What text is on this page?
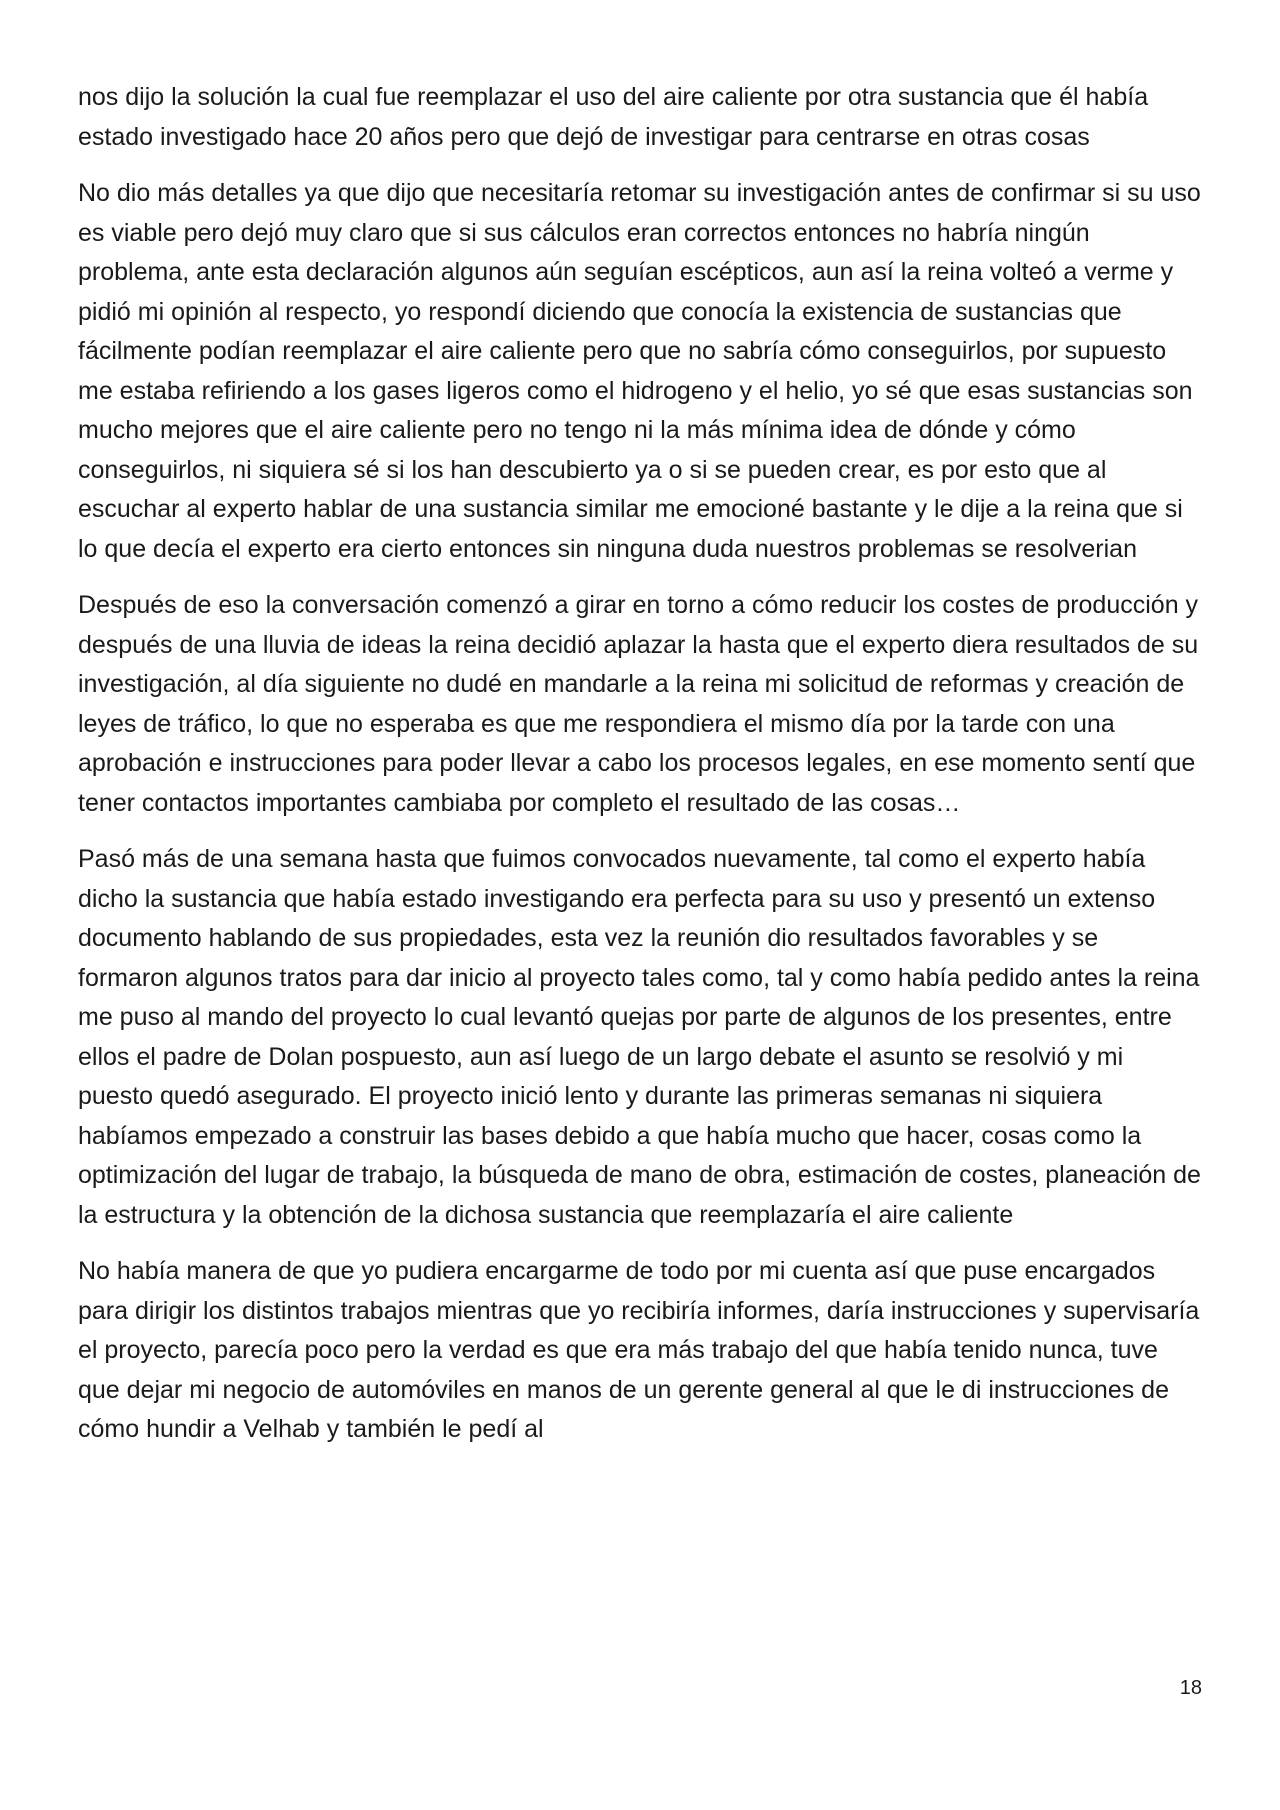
nos dijo la solución la cual fue reemplazar el uso del aire caliente por otra sustancia que él había estado investigado hace 20 años pero que dejó de investigar para centrarse en otras cosas

No dio más detalles ya que dijo que necesitaría retomar su investigación antes de confirmar si su uso es viable pero dejó muy claro que si sus cálculos eran correctos entonces no habría ningún problema, ante esta declaración algunos aún seguían escépticos, aun así la reina volteó a verme y pidió mi opinión al respecto, yo respondí diciendo que conocía la existencia de sustancias que fácilmente podían reemplazar el aire caliente pero que no sabría cómo conseguirlos, por supuesto me estaba refiriendo a los gases ligeros como el hidrogeno y el helio, yo sé que esas sustancias son mucho mejores que el aire caliente pero no tengo ni la más mínima idea de dónde y cómo conseguirlos, ni siquiera sé si los han descubierto ya o si se pueden crear, es por esto que al escuchar al experto hablar de una sustancia similar me emocioné bastante y le dije a la reina que si lo que decía el experto era cierto entonces sin ninguna duda nuestros problemas se resolverian

Después de eso la conversación comenzó a girar en torno a cómo reducir los costes de producción y después de una lluvia de ideas la reina decidió aplazar la hasta que el experto diera resultados de su investigación, al día siguiente no dudé en mandarle a la reina mi solicitud de reformas y creación de leyes de tráfico, lo que no esperaba es que me respondiera el mismo día por la tarde con una aprobación e instrucciones para poder llevar a cabo los procesos legales, en ese momento sentí que tener contactos importantes cambiaba por completo el resultado de las cosas…

Pasó más de una semana hasta que fuimos convocados nuevamente, tal como el experto había dicho la sustancia que había estado investigando era perfecta para su uso y presentó un extenso documento hablando de sus propiedades, esta vez la reunión dio resultados favorables y se formaron algunos tratos para dar inicio al proyecto tales como, tal y como había pedido antes la reina me puso al mando del proyecto lo cual levantó quejas por parte de algunos de los presentes, entre ellos el padre de Dolan pospuesto, aun así luego de un largo debate el asunto se resolvió y mi puesto quedó asegurado. El proyecto inició lento y durante las primeras semanas ni siquiera habíamos empezado a construir las bases debido a que había mucho que hacer, cosas como la optimización del lugar de trabajo, la búsqueda de mano de obra, estimación de costes, planeación de la estructura y la obtención de la dichosa sustancia que reemplazaría el aire caliente

No había manera de que yo pudiera encargarme de todo por mi cuenta así que puse encargados para dirigir los distintos trabajos mientras que yo recibiría informes, daría instrucciones y supervisaría el proyecto, parecía poco pero la verdad es que era más trabajo del que había tenido nunca, tuve que dejar mi negocio de automóviles en manos de un gerente general al que le di instrucciones de cómo hundir a Velhab y también le pedí al

18
